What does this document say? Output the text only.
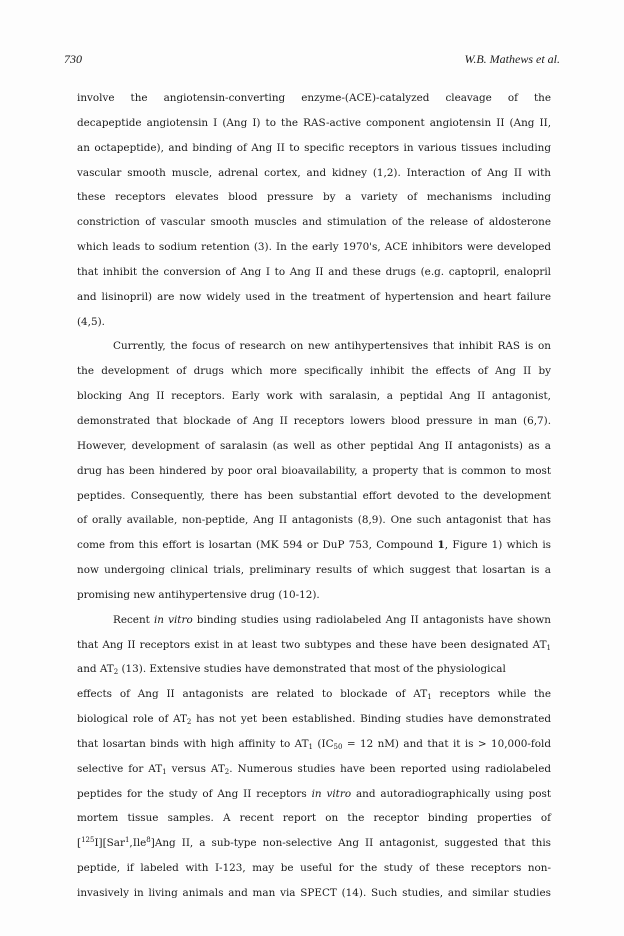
730	W.B. Mathews et al.
involve the angiotensin-converting enzyme-(ACE)-catalyzed cleavage of the
decapeptide angiotensin I (Ang I) to the RAS-active component angiotensin II (Ang II,
an octapeptide), and binding of Ang II to specific receptors in various tissues including
vascular smooth muscle, adrenal cortex, and kidney (1,2). Interaction of Ang II with
these receptors elevates blood pressure by a variety of mechanisms including
constriction of vascular smooth muscles and stimulation of the release of aldosterone
which leads to sodium retention (3). In the early 1970's, ACE inhibitors were developed
that inhibit the conversion of Ang I to Ang II and these drugs (e.g. captopril, enalopril
and lisinopril) are now widely used in the treatment of hypertension and heart failure
(4,5).
Currently, the focus of research on new antihypertensives that inhibit RAS is on
the development of drugs which more specifically inhibit the effects of Ang II by
blocking Ang II receptors. Early work with saralasin, a peptidal Ang II antagonist,
demonstrated that blockade of Ang II receptors lowers blood pressure in man (6,7).
However, development of saralasin (as well as other peptidal Ang II antagonists) as a
drug has been hindered by poor oral bioavailability, a property that is common to most
peptides. Consequently, there has been substantial effort devoted to the development
of orally available, non-peptide, Ang II antagonists (8,9). One such antagonist that has
come from this effort is losartan (MK 594 or DuP 753, Compound 1, Figure 1) which is
now undergoing clinical trials, preliminary results of which suggest that losartan is a
promising new antihypertensive drug (10-12).
Recent in vitro binding studies using radiolabeled Ang II antagonists have shown
that Ang II receptors exist in at least two subtypes and these have been designated AT1
and AT2 (13). Extensive studies have demonstrated that most of the physiological
effects of Ang II antagonists are related to blockade of AT1 receptors while the
biological role of AT2 has not yet been established. Binding studies have demonstrated
that losartan binds with high affinity to AT1 (IC50 = 12 nM) and that it is > 10,000-fold
selective for AT1 versus AT2. Numerous studies have been reported using radiolabeled
peptides for the study of Ang II receptors in vitro and autoradiographically using post
mortem tissue samples. A recent report on the receptor binding properties of
[$^{125}$I][Sar$^1$,Ile$^8$]Ang II, a sub-type non-selective Ang II antagonist, suggested that this
peptide, if labeled with I-123, may be useful for the study of these receptors non-
invasively in living animals and man via SPECT (14). Such studies, and similar studies
